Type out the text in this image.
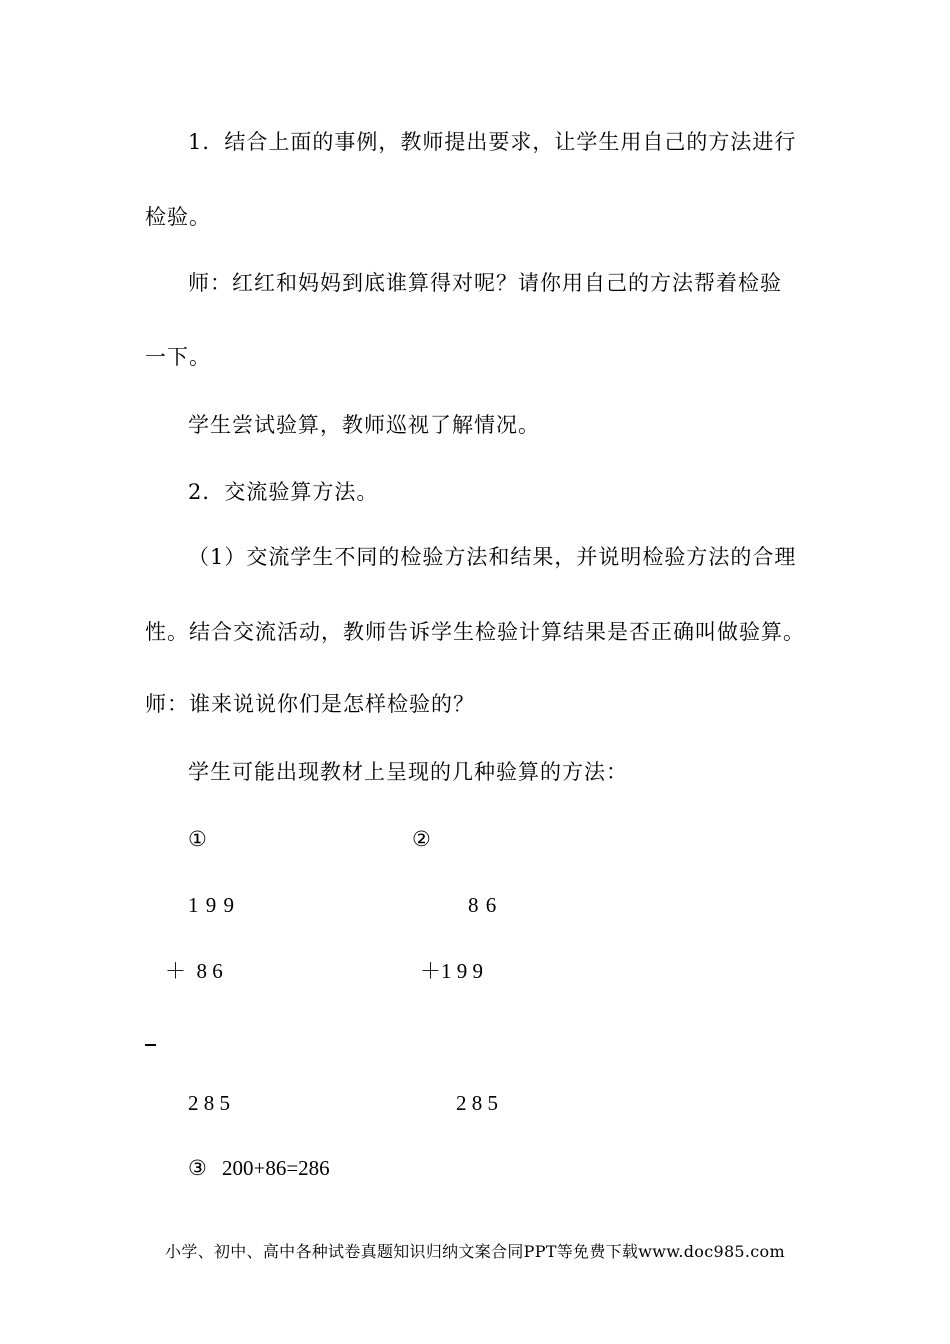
1．结合上面的事例，教师提出要求，让学生用自己的方法进行
检验。
师：红红和妈妈到底谁算得对呢？请你用自己的方法帮着检验
一下。
学生尝试验算，教师巡视了解情况。
2．交流验算方法。
（1）交流学生不同的检验方法和结果，并说明检验方法的合理
性。结合交流活动，教师告诉学生检验计算结果是否正确叫做验算。
师：谁来说说你们是怎样检验的？
学生可能出现教材上呈现的几种验算的方法：
①	②
1 9 9	8 6
＋  8 6	＋1 9 9
2 8 5	2 8 5
③ 200+86=286
小学、初中、高中各种试卷真题知识归纳文案合同PPT等免费下载www.doc985.com
